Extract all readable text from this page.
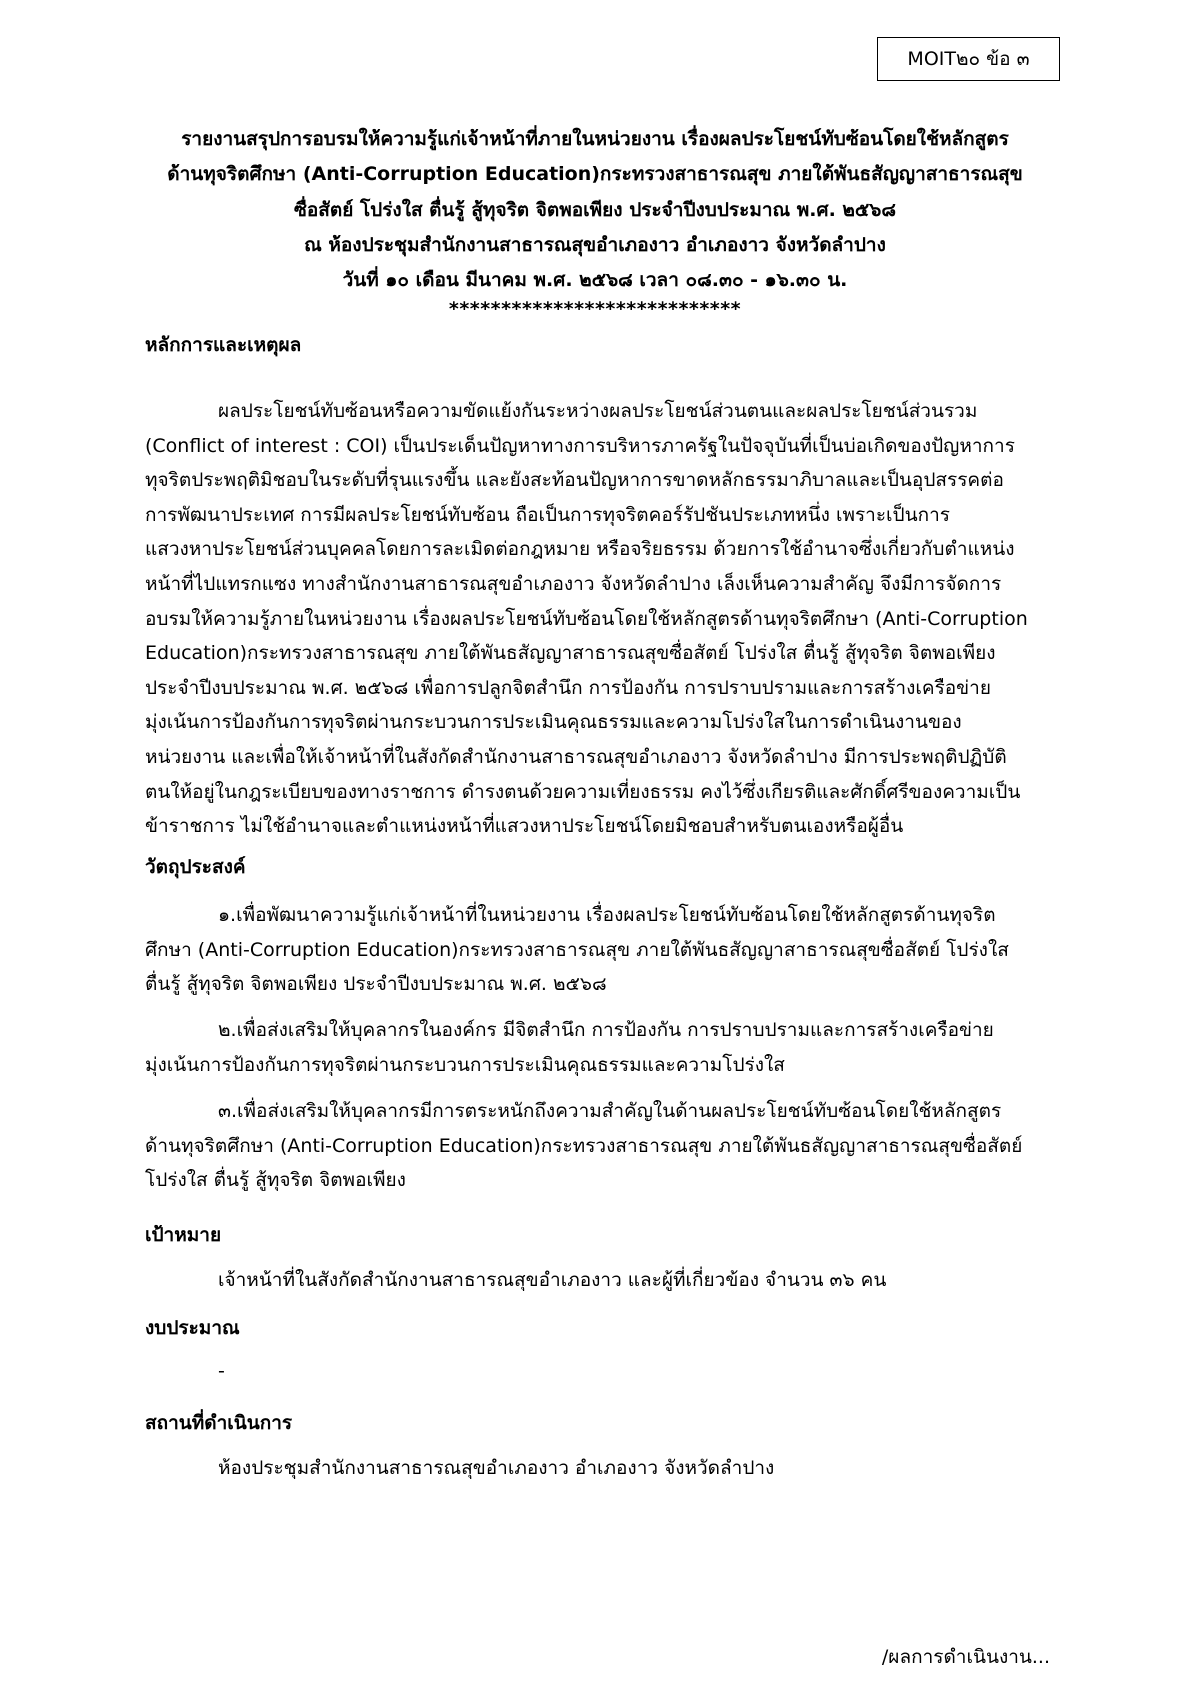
MOIT๒๐ ข้อ ๓
รายงานสรุปการอบรมให้ความรู้แก่เจ้าหน้าที่ภายในหน่วยงาน เรื่องผลประโยชน์ทับซ้อนโดยใช้หลักสูตร
ด้านทุจริตศึกษา (Anti-Corruption Education)กระทรวงสาธารณสุข ภายใต้พันธสัญญาสาธารณสุข
ซื่อสัตย์ โปร่งใส ตื่นรู้ สู้ทุจริต จิตพอเพียง ประจำปีงบประมาณ พ.ศ. ๒๕๖๘
ณ ห้องประชุมสำนักงานสาธารณสุขอำเภองาว อำเภองาว จังหวัดลำปาง
วันที่ ๑๐ เดือน มีนาคม พ.ศ. ๒๕๖๘ เวลา ๐๘.๓๐ - ๑๖.๓๐ น.
****************************
หลักการและเหตุผล
ผลประโยชน์ทับซ้อนหรือความขัดแย้งกันระหว่างผลประโยชน์ส่วนตนและผลประโยชน์ส่วนรวม
(Conflict of interest : COI) เป็นประเด็นปัญหาทางการบริหารภาครัฐในปัจจุบันที่เป็นบ่อเกิดของปัญหาการ
ทุจริตประพฤติมิชอบในระดับที่รุนแรงขึ้น และยังสะท้อนปัญหาการขาดหลักธรรมาภิบาลและเป็นอุปสรรคต่อ
การพัฒนาประเทศ การมีผลประโยชน์ทับซ้อน ถือเป็นการทุจริตคอร์รัปชันประเภทหนึ่ง เพราะเป็นการ
แสวงหาประโยชน์ส่วนบุคคลโดยการละเมิดต่อกฎหมาย หรือจริยธรรม ด้วยการใช้อำนาจซึ่งเกี่ยวกับตำแหน่ง
หน้าที่ไปแทรกแซง ทางสำนักงานสาธารณสุขอำเภองาว จังหวัดลำปาง เล็งเห็นความสำคัญ จึงมีการจัดการ
อบรมให้ความรู้ภายในหน่วยงาน เรื่องผลประโยชน์ทับซ้อนโดยใช้หลักสูตรด้านทุจริตศึกษา (Anti-Corruption
Education)กระทรวงสาธารณสุข ภายใต้พันธสัญญาสาธารณสุขซื่อสัตย์ โปร่งใส ตื่นรู้ สู้ทุจริต จิตพอเพียง
ประจำปีงบประมาณ พ.ศ. ๒๕๖๘ เพื่อการปลูกจิตสำนึก การป้องกัน การปราบปรามและการสร้างเครือข่าย
มุ่งเน้นการป้องกันการทุจริตผ่านกระบวนการประเมินคุณธรรมและความโปร่งใสในการดำเนินงานของ
หน่วยงาน และเพื่อให้เจ้าหน้าที่ในสังกัดสำนักงานสาธารณสุขอำเภองาว จังหวัดลำปาง มีการประพฤติปฏิบัติ
ตนให้อยู่ในกฎระเบียบของทางราชการ ดำรงตนด้วยความเที่ยงธรรม คงไว้ซึ่งเกียรติและศักดิ์ศรีของความเป็น
ข้าราชการ ไม่ใช้อำนาจและตำแหน่งหน้าที่แสวงหาประโยชน์โดยมิชอบสำหรับตนเองหรือผู้อื่น
วัตถุประสงค์
๑.เพื่อพัฒนาความรู้แก่เจ้าหน้าที่ในหน่วยงาน เรื่องผลประโยชน์ทับซ้อนโดยใช้หลักสูตรด้านทุจริต
ศึกษา (Anti-Corruption Education)กระทรวงสาธารณสุข ภายใต้พันธสัญญาสาธารณสุขซื่อสัตย์ โปร่งใส
ตื่นรู้ สู้ทุจริต จิตพอเพียง ประจำปีงบประมาณ พ.ศ. ๒๕๖๘
๒.เพื่อส่งเสริมให้บุคลากรในองค์กร มีจิตสำนึก การป้องกัน การปราบปรามและการสร้างเครือข่าย
มุ่งเน้นการป้องกันการทุจริตผ่านกระบวนการประเมินคุณธรรมและความโปร่งใส
๓.เพื่อส่งเสริมให้บุคลากรมีการตระหนักถึงความสำคัญในด้านผลประโยชน์ทับซ้อนโดยใช้หลักสูตร
ด้านทุจริตศึกษา (Anti-Corruption Education)กระทรวงสาธารณสุข ภายใต้พันธสัญญาสาธารณสุขซื่อสัตย์
โปร่งใส ตื่นรู้ สู้ทุจริต จิตพอเพียง
เป้าหมาย
เจ้าหน้าที่ในสังกัดสำนักงานสาธารณสุขอำเภองาว และผู้ที่เกี่ยวข้อง จำนวน ๓๖ คน
งบประมาณ
-
สถานที่ดำเนินการ
ห้องประชุมสำนักงานสาธารณสุขอำเภองาว อำเภองาว จังหวัดลำปาง
/ผลการดำเนินงาน...
